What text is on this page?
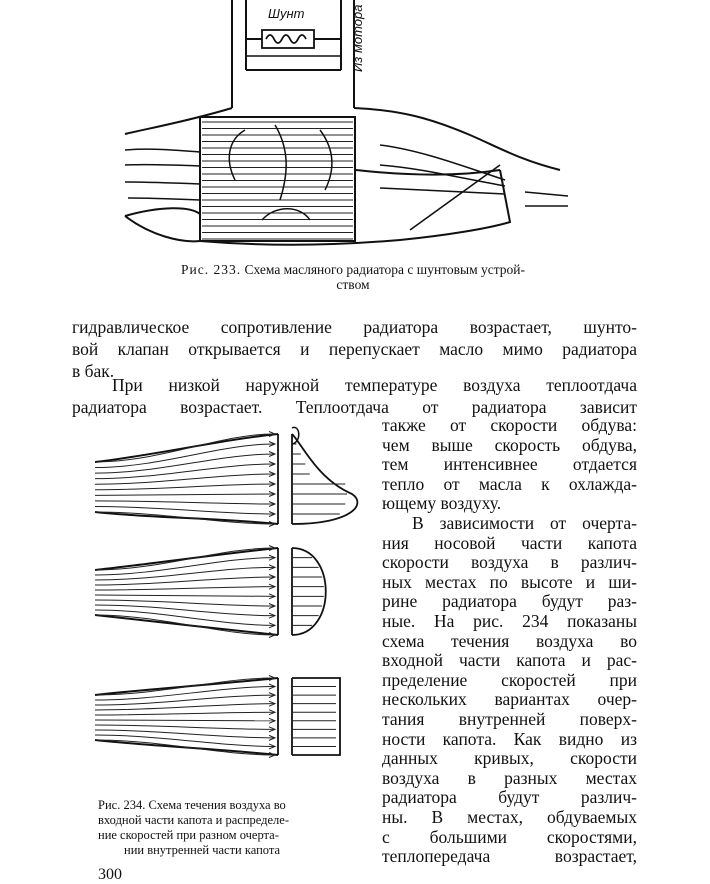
Шунт	Из мотора
Рис. 233. Схема масляного радиатора с шунтовым устрой-
ством
гидравлическое сопротивление радиатора возрастает, шунто-
вой клапан открывается и перепускает масло мимо радиатора
в бак.
При низкой наружной температуре воздуха теплоотдача
радиатора возрастает. Теплоотдача от радиатора зависит
также от скорости обдува:
чем выше скорость обдува,
тем интенсивнее отдается
тепло от масла к охлажда-
ющему воздуху.
В зависимости от очерта-
ния носовой части капота
скорости воздуха в различ-
ных местах по высоте и ши-
рине радиатора будут раз-
ные. На рис. 234 показаны
схема течения воздуха во
входной части капота и рас-
пределение скоростей при
нескольких вариантах очер-
тания внутренней поверх-
ности капота. Как видно из
данных кривых, скорости
воздуха в разных местах
радиатора будут различ-
ны. В местах, обдуваемых
с большими скоростями,
теплопередача возрастает,
Рис. 234. Схема течения воздуха во
входной части капота и распределе-
ние скоростей при разном очерта-
нии внутренней части капота
300
